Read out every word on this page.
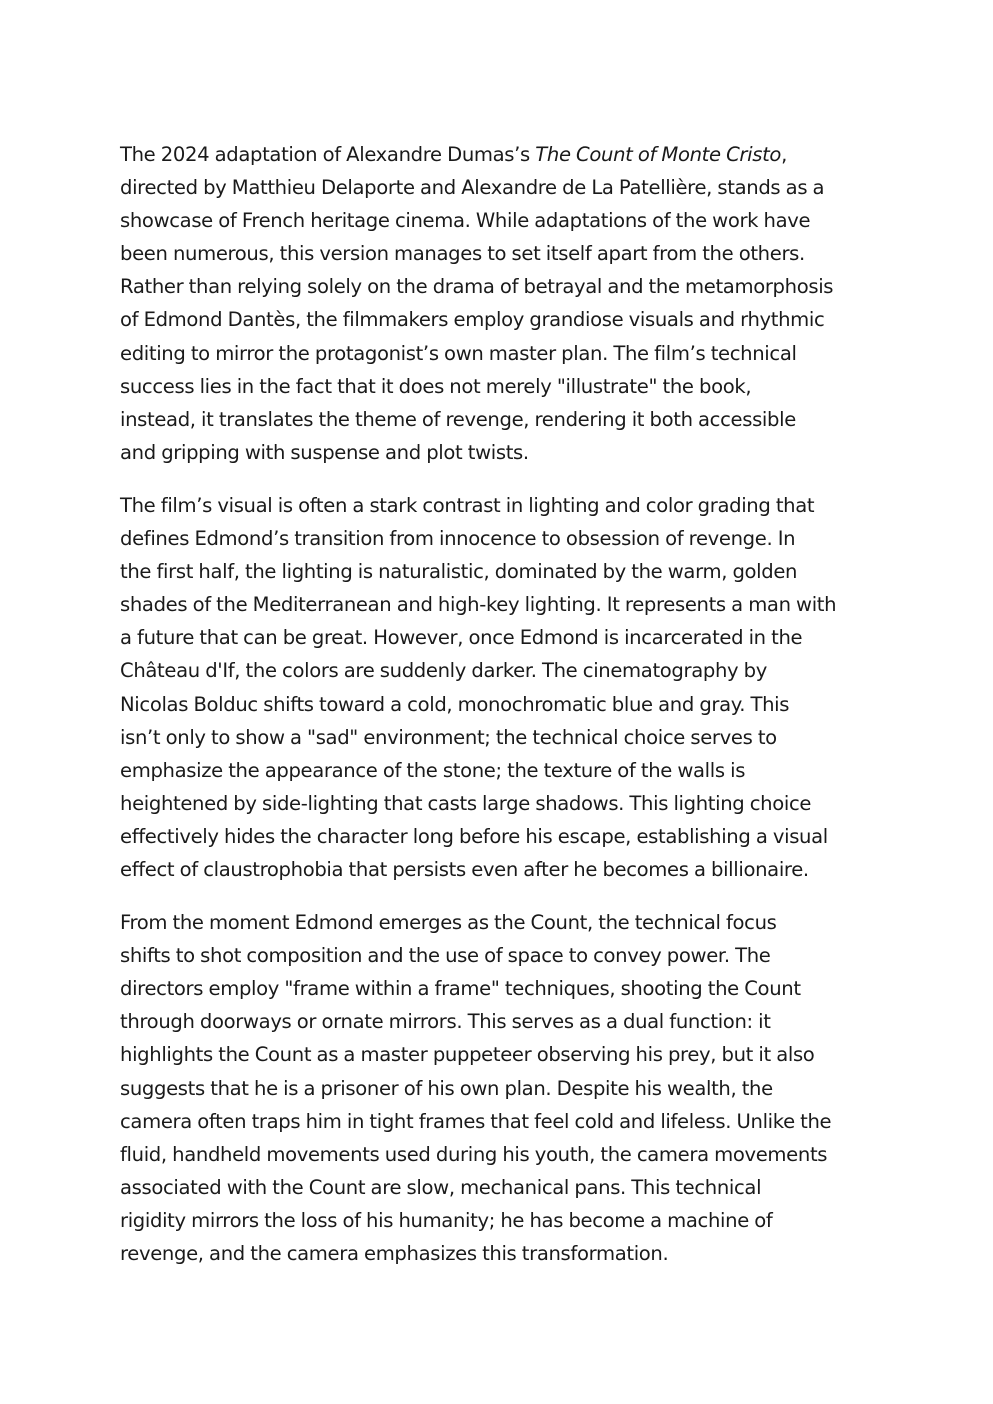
The 2024 adaptation of Alexandre Dumas’s The Count of Monte Cristo,
directed by Matthieu Delaporte and Alexandre de La Patellière, stands as a
showcase of French heritage cinema. While adaptations of the work have
been numerous, this version manages to set itself apart from the others.
Rather than relying solely on the drama of betrayal and the metamorphosis
of Edmond Dantès, the filmmakers employ grandiose visuals and rhythmic
editing to mirror the protagonist’s own master plan. The film’s technical
success lies in the fact that it does not merely "illustrate" the book,
instead, it translates the theme of revenge, rendering it both accessible
and gripping with suspense and plot twists.

The film’s visual is often a stark contrast in lighting and color grading that
defines Edmond’s transition from innocence to obsession of revenge. In
the first half, the lighting is naturalistic, dominated by the warm, golden
shades of the Mediterranean and high-key lighting. It represents a man with
a future that can be great. However, once Edmond is incarcerated in the
Château d'If, the colors are suddenly darker. The cinematography by
Nicolas Bolduc shifts toward a cold, monochromatic blue and gray. This
isn’t only to show a "sad" environment; the technical choice serves to
emphasize the appearance of the stone; the texture of the walls is
heightened by side-lighting that casts large shadows. This lighting choice
effectively hides the character long before his escape, establishing a visual
effect of claustrophobia that persists even after he becomes a billionaire.

From the moment Edmond emerges as the Count, the technical focus
shifts to shot composition and the use of space to convey power. The
directors employ "frame within a frame" techniques, shooting the Count
through doorways or ornate mirrors. This serves as a dual function: it
highlights the Count as a master puppeteer observing his prey, but it also
suggests that he is a prisoner of his own plan. Despite his wealth, the
camera often traps him in tight frames that feel cold and lifeless. Unlike the
fluid, handheld movements used during his youth, the camera movements
associated with the Count are slow, mechanical pans. This technical
rigidity mirrors the loss of his humanity; he has become a machine of
revenge, and the camera emphasizes this transformation.
